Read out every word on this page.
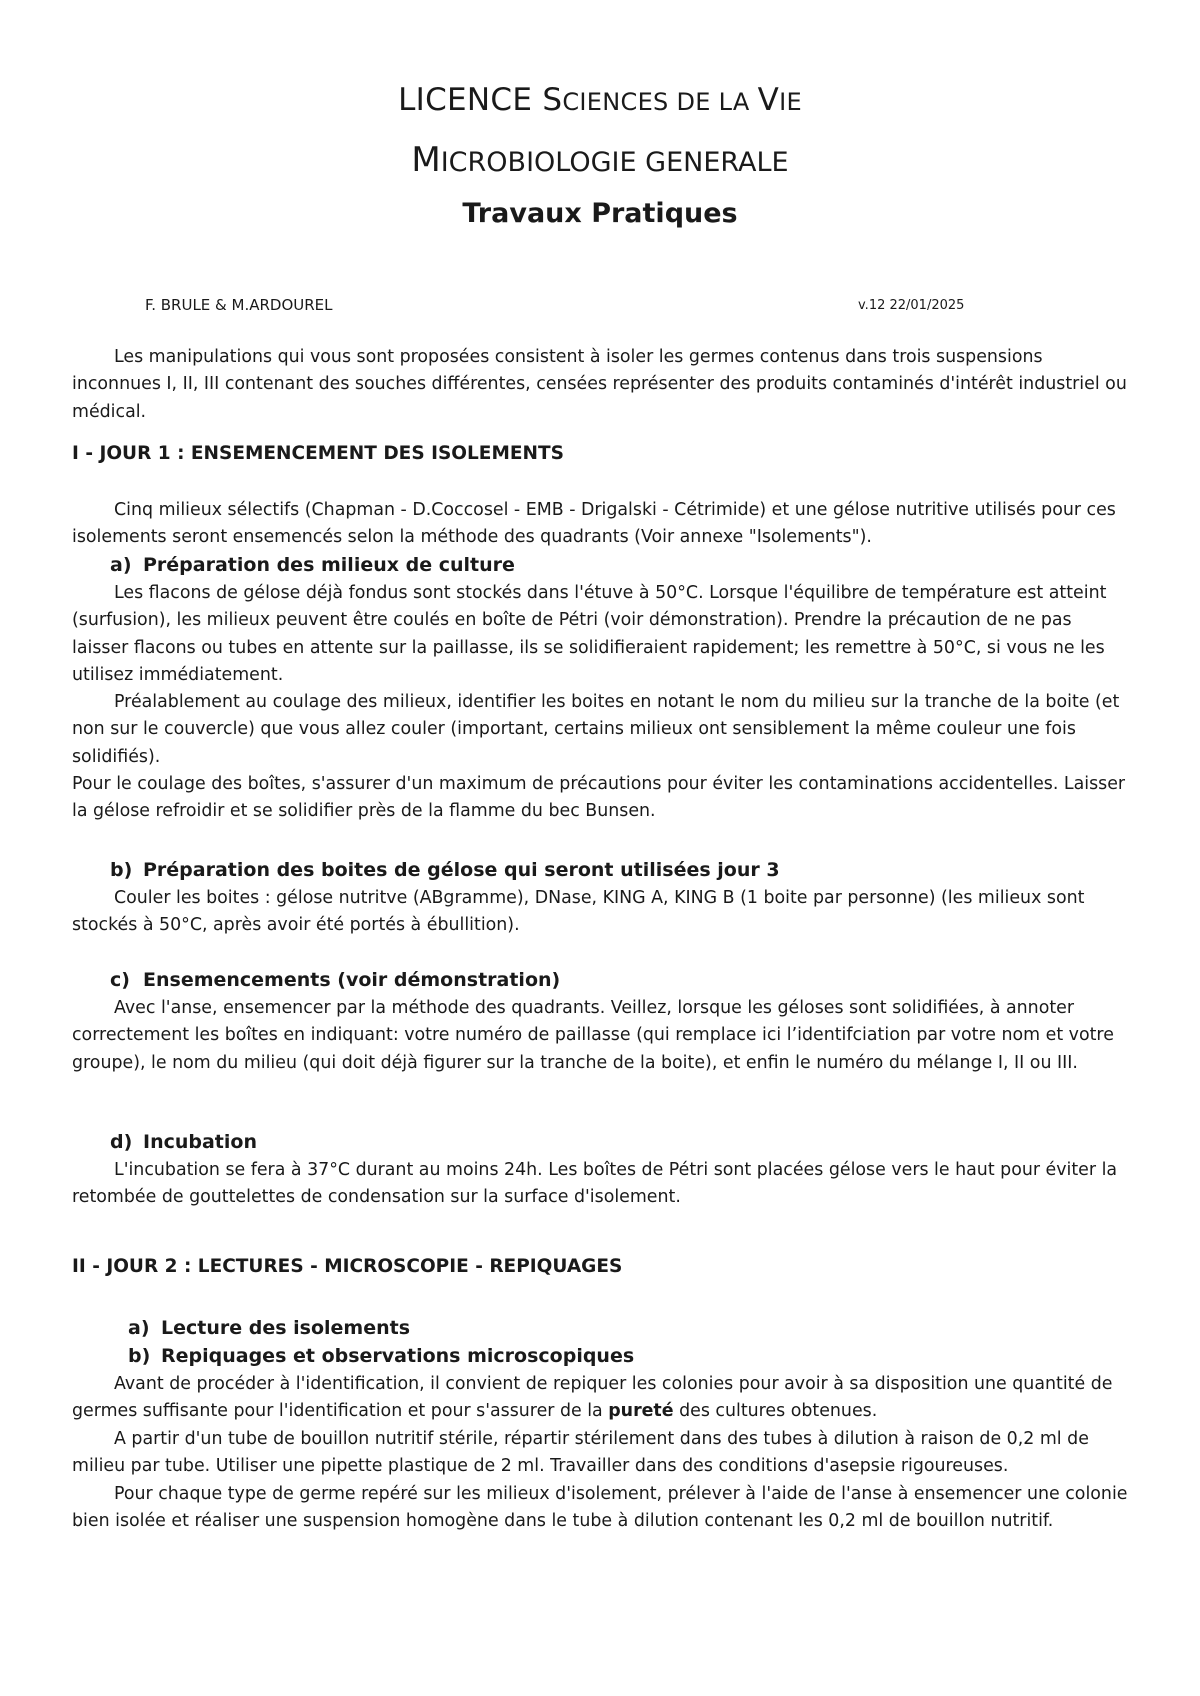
LICENCE SCIENCES DE LA VIE
MICROBIOLOGIE GENERALE
Travaux Pratiques
F. BRULE & M.ARDOUREL	v.12 22/01/2025

Les manipulations qui vous sont proposées consistent à isoler les germes contenus dans trois suspensions inconnues I, II, III contenant des souches différentes, censées représenter des produits contaminés d'intérêt industriel ou médical.

I - JOUR 1 : ENSEMENCEMENT DES ISOLEMENTS

Cinq milieux sélectifs (Chapman - D.Coccosel - EMB - Drigalski - Cétrimide) et une gélose nutritive utilisés pour ces isolements seront ensemencés selon la méthode des quadrants (Voir annexe "Isolements").

a) Préparation des milieux de culture

Les flacons de gélose déjà fondus sont stockés dans l'étuve à 50°C. Lorsque l'équilibre de température est atteint (surfusion), les milieux peuvent être coulés en boîte de Pétri (voir démonstration). Prendre la précaution de ne pas laisser flacons ou tubes en attente sur la paillasse, ils se solidifieraient rapidement; les remettre à 50°C, si vous ne les utilisez immédiatement.

Préalablement au coulage des milieux, identifier les boites en notant le nom du milieu sur la tranche de la boite (et non sur le couvercle) que vous allez couler (important, certains milieux ont sensiblement la même couleur une fois solidifiés).

Pour le coulage des boîtes, s'assurer d'un maximum de précautions pour éviter les contaminations accidentelles. Laisser la gélose refroidir et se solidifier près de la flamme du bec Bunsen.

b) Préparation des boites de gélose qui seront utilisées jour 3

Couler les boites : gélose nutritve (ABgramme), DNase, KING A, KING B (1 boite par personne) (les milieux sont stockés à 50°C, après avoir été portés à ébullition).

c) Ensemencements (voir démonstration)

Avec l'anse, ensemencer par la méthode des quadrants. Veillez, lorsque les géloses sont solidifiées, à annoter correctement les boîtes en indiquant: votre numéro de paillasse (qui remplace ici l’identifciation par votre nom et votre groupe), le nom du milieu (qui doit déjà figurer sur la tranche de la boite), et enfin le numéro du mélange I, II ou III.

d) Incubation

L'incubation se fera à 37°C durant au moins 24h. Les boîtes de Pétri sont placées gélose vers le haut pour éviter la retombée de gouttelettes de condensation sur la surface d'isolement.

II - JOUR 2 : LECTURES - MICROSCOPIE - REPIQUAGES
a) Lecture des isolements
b) Repiquages et observations microscopiques

Avant de procéder à l'identification, il convient de repiquer les colonies pour avoir à sa disposition une quantité de germes suffisante pour l'identification et pour s'assurer de la pureté des cultures obtenues.

A partir d'un tube de bouillon nutritif stérile, répartir stérilement dans des tubes à dilution à raison de 0,2 ml de milieu par tube. Utiliser une pipette plastique de 2 ml. Travailler dans des conditions d'asepsie rigoureuses.

Pour chaque type de germe repéré sur les milieux d'isolement, prélever à l'aide de l'anse à ensemencer une colonie bien isolée et réaliser une suspension homogène dans le tube à dilution contenant les 0,2 ml de bouillon nutritif.
